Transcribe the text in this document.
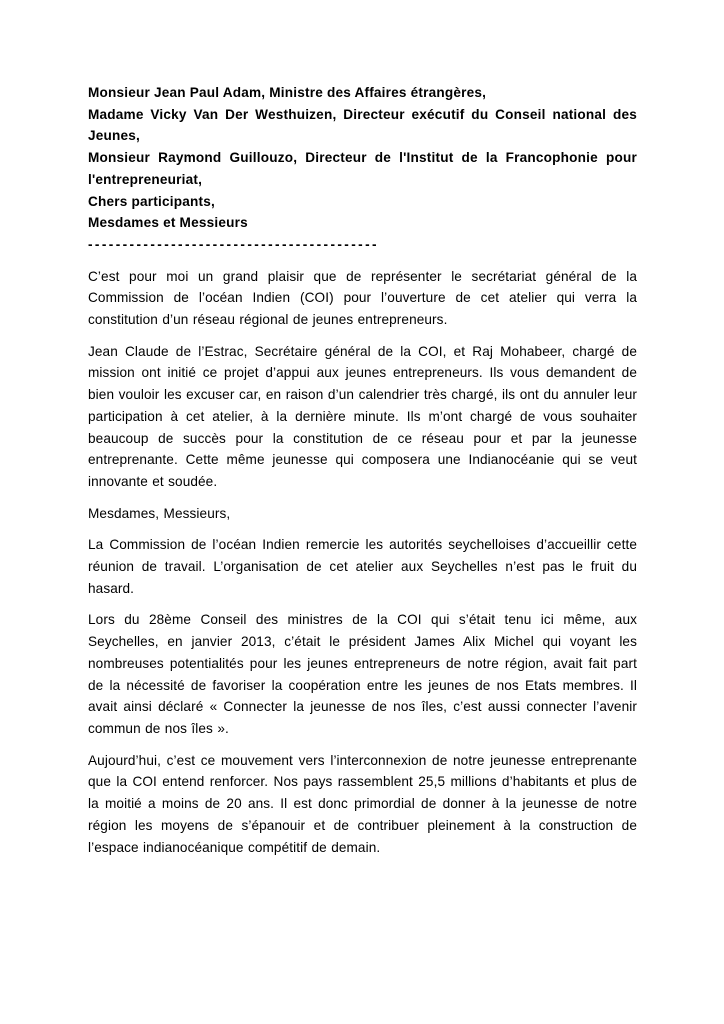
Monsieur Jean Paul Adam, Ministre des Affaires étrangères,

Madame Vicky Van Der Westhuizen, Directeur exécutif du Conseil national des Jeunes,

Monsieur Raymond Guillouzo, Directeur de l'Institut de la Francophonie pour l'entrepreneuriat,

Chers participants,

Mesdames et Messieurs

------------------------------------------

C’est pour moi un grand plaisir que de représenter le secrétariat général de la Commission de l’océan Indien (COI) pour l’ouverture de cet atelier qui verra la constitution d’un réseau régional de jeunes entrepreneurs.

Jean Claude de l’Estrac, Secrétaire général de la COI, et Raj Mohabeer, chargé de mission ont initié ce projet d’appui aux jeunes entrepreneurs. Ils vous demandent de bien vouloir les excuser car, en raison d’un calendrier très chargé, ils ont du annuler leur participation à cet atelier, à la dernière minute. Ils m’ont chargé de vous souhaiter beaucoup de succès pour la constitution de ce réseau pour et par la jeunesse entreprenante. Cette même jeunesse qui composera une Indianocéanie qui se veut innovante et soudée.

Mesdames, Messieurs,

La Commission de l’océan Indien remercie les autorités seychelloises d’accueillir cette réunion de travail. L’organisation de cet atelier aux Seychelles n’est pas le fruit du hasard.

Lors du 28ème Conseil des ministres de la COI qui s’était tenu ici même, aux Seychelles, en janvier 2013, c’était le président James Alix Michel qui voyant les nombreuses potentialités pour les jeunes entrepreneurs de notre région, avait fait part de la nécessité de favoriser la coopération entre les jeunes de nos Etats membres. Il avait ainsi déclaré « Connecter la jeunesse de nos îles, c’est aussi connecter l’avenir commun de nos îles ».

Aujourd’hui, c’est ce mouvement vers l’interconnexion de notre jeunesse entreprenante que la COI entend renforcer. Nos pays rassemblent 25,5 millions d’habitants et plus de la moitié a moins de 20 ans. Il est donc primordial de donner à la jeunesse de notre région les moyens de s’épanouir et de contribuer pleinement à la construction de l’espace indianocéanique compétitif de demain.
